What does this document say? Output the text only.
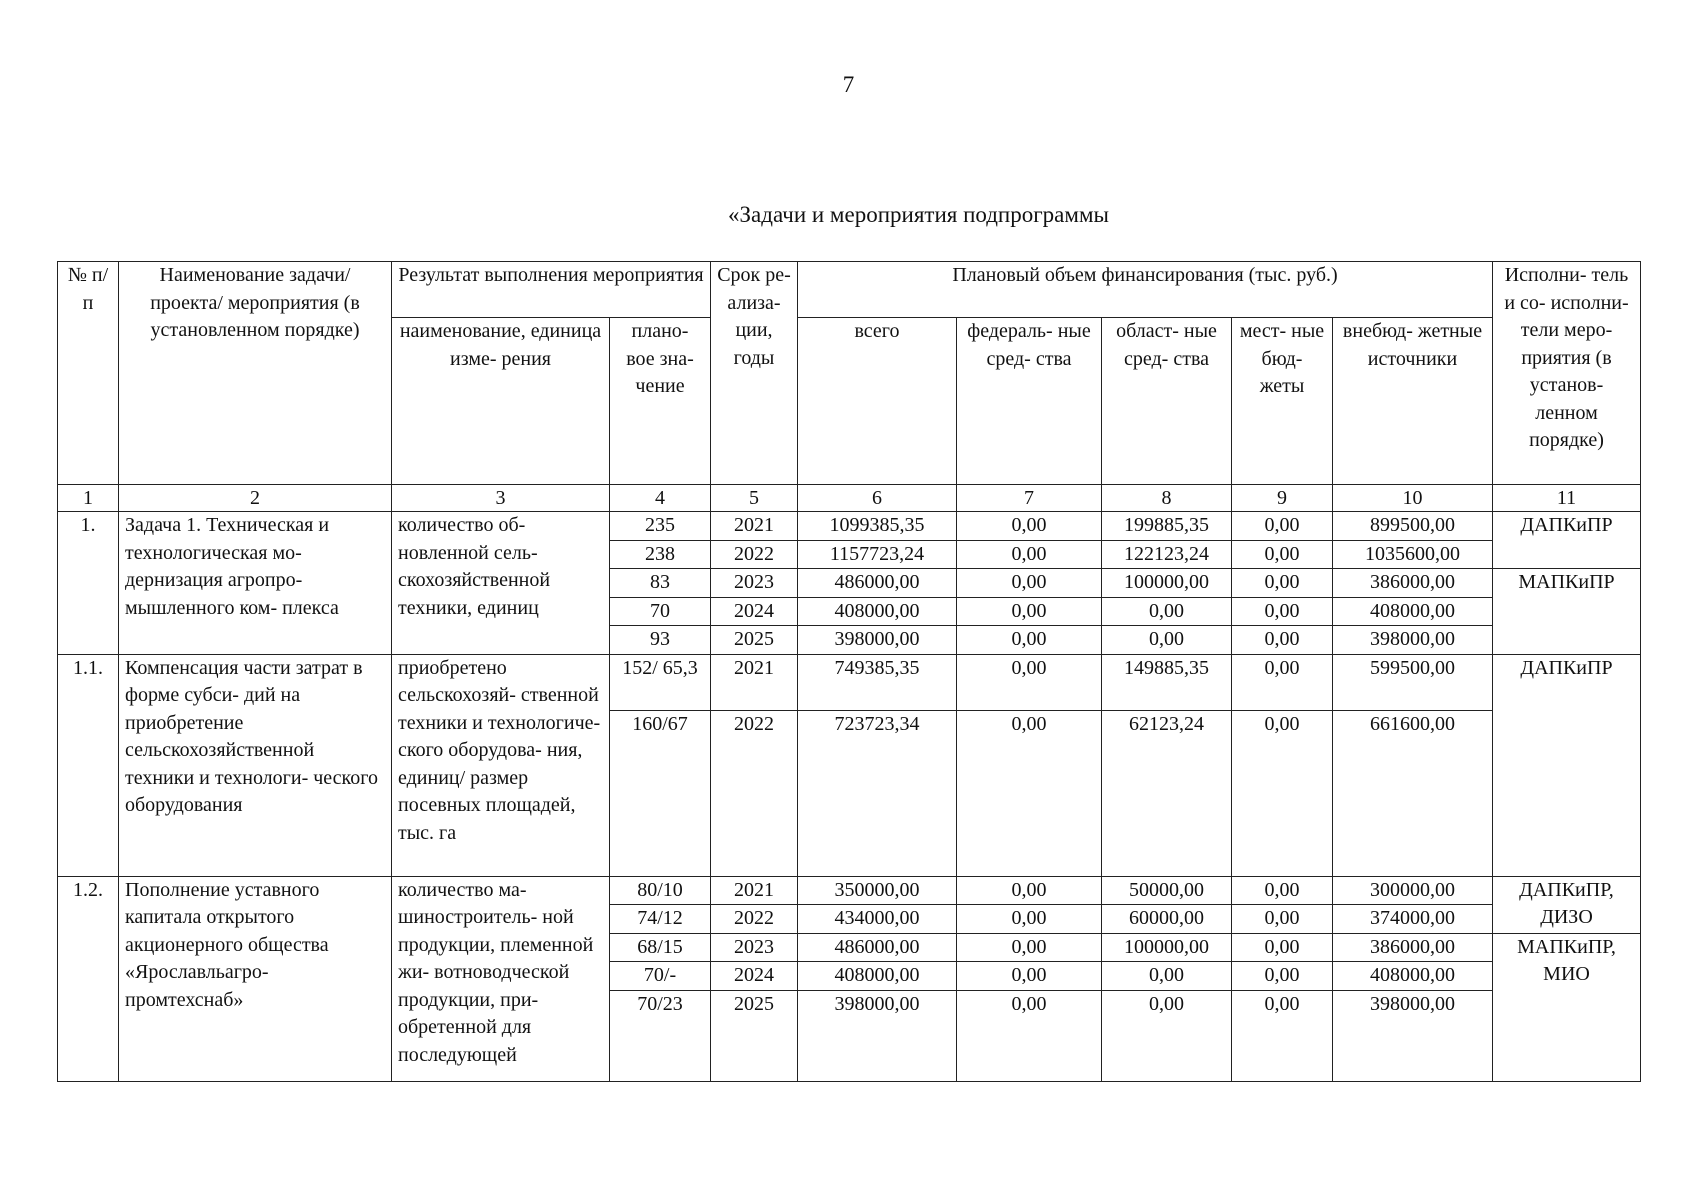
7
«Задачи и мероприятия подпрограммы
№ п/п	Наименование задачи/проекта/ мероприятия (в установленном порядке)	Результат выполнения мероприятия		Срок ре- ализа- ции, годы	Плановый объем финансирования (тыс. руб.)					Исполни- тель и со- исполни- тели меро- приятия (в установ- ленном порядке)
		наименование, единица изме- рения	плано- вое зна- чение		всего	федераль- ные сред- ства	област- ные сред- ства	мест- ные бюд- жеты	внебюд- жетные источники	
1	2	3	4	5	6	7	8	9	10	11
1.	Задача 1. Техническая и технологическая мо- дернизация агропро- мышленного ком- плекса	количество об- новленной сель- скохозяйственной техники, единиц	235	2021	1099385,35	0,00	199885,35	0,00	899500,00	ДАПКиПР
			238	2022	1157723,24	0,00	122123,24	0,00	1035600,00	
			83	2023	486000,00	0,00	100000,00	0,00	386000,00	МАПКиПР
			70	2024	408000,00	0,00	0,00	0,00	408000,00	
			93	2025	398000,00	0,00	0,00	0,00	398000,00	
1.1.	Компенсация части затрат в форме субси- дий на приобретение сельскохозяйственной техники и технологи- ческого оборудования	приобретено сельскохозяй- ственной техники и технологиче- ского оборудова- ния, единиц/ размер посевных площадей, тыс. га	152/ 65,3	2021	749385,35	0,00	149885,35	0,00	599500,00	ДАПКиПР
			160/67	2022	723723,34	0,00	62123,24	0,00	661600,00	
1.2.	Пополнение уставного капитала открытого акционерного общества «Ярославльагро- промтехснаб»	количество ма- шиностроитель- ной продукции, племенной жи- вотноводческой продукции, при- обретенной для последующей	80/10	2021	350000,00	0,00	50000,00	0,00	300000,00	ДАПКиПР, ДИЗО
			74/12	2022	434000,00	0,00	60000,00	0,00	374000,00	
			68/15	2023	486000,00	0,00	100000,00	0,00	386000,00	МАПКиПР, МИО
			70/-	2024	408000,00	0,00	0,00	0,00	408000,00	
			70/23	2025	398000,00	0,00	0,00	0,00	398000,00	
